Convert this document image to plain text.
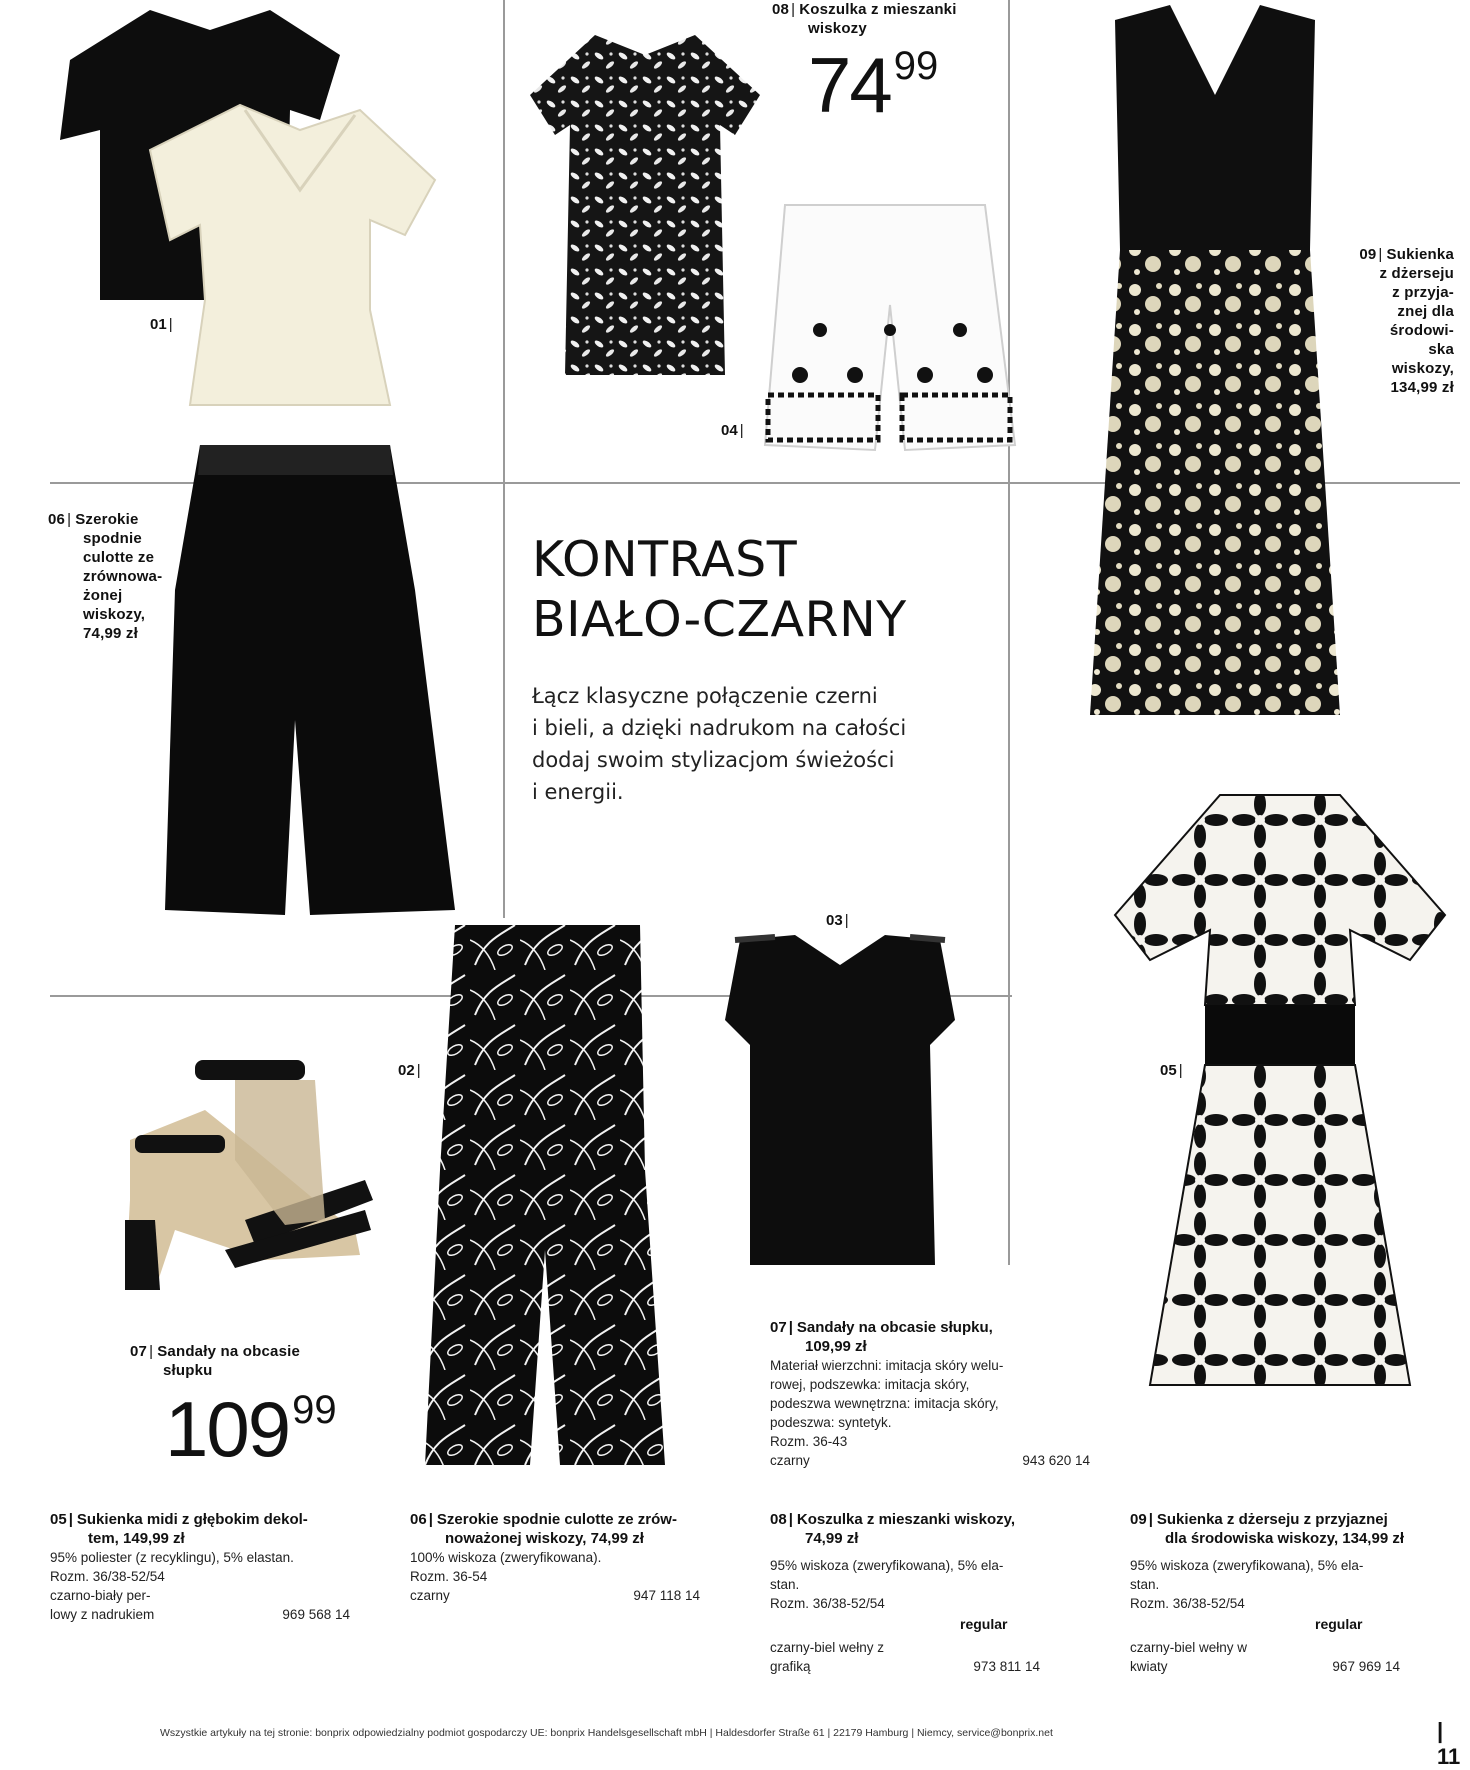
01 |
08 | Koszulka z mieszanki
wiskozy
7499
04 |
09 | Sukienka
z dżerseju
z przyja-
znej dla
środowi-
ska
wiskozy,
134,99 zł
06 | Szerokie
spodnie
culotte ze
zrównowa-
żonej
wiskozy,
74,99 zł
KONTRAST
BIAŁO-CZARNY
Łącz klasyczne połączenie czerni
i bieli, a dzięki nadrukom na całości
dodaj swoim stylizacjom świeżości
i energii.
05 |
02 |
03 |
07 | Sandały na obcasie
słupku
10999
07 | Sandały na obcasie słupku,
109,99 zł
Materiał wierzchni: imitacja skóry welu-
rowej, podszewka: imitacja skóry,
podeszwa wewnętrzna: imitacja skóry,
podeszwa: syntetyk.
Rozm. 36-43
czarny	943 620 14
05 | Sukienka midi z głębokim dekol-
tem, 149,99 zł
95% poliester (z recyklingu), 5% elastan.
Rozm. 36/38-52/54
czarno-biały per-
lowy z nadrukiem	969 568 14
06 | Szerokie spodnie culotte ze zrów-
noważonej wiskozy, 74,99 zł
100% wiskoza (zweryfikowana).
Rozm. 36-54
czarny	947 118 14
08 | Koszulka z mieszanki wiskozy,
74,99 zł
95% wiskoza (zweryfikowana), 5% ela-
stan.
Rozm. 36/38-52/54
regular
czarny-biel wełny z
grafiką	973 811 14
09 | Sukienka z dżerseju z przyjaznej
dla środowiska wiskozy, 134,99 zł
95% wiskoza (zweryfikowana), 5% ela-
stan.
Rozm. 36/38-52/54
regular
czarny-biel wełny w
kwiaty	967 969 14
Wszystkie artykuły na tej stronie: bonprix odpowiedzialny podmiot gospodarczy UE: bonprix Handelsgesellschaft mbH | Haldesdorfer Straße 61 | 22179 Hamburg | Niemcy, service@bonprix.net	| 11
